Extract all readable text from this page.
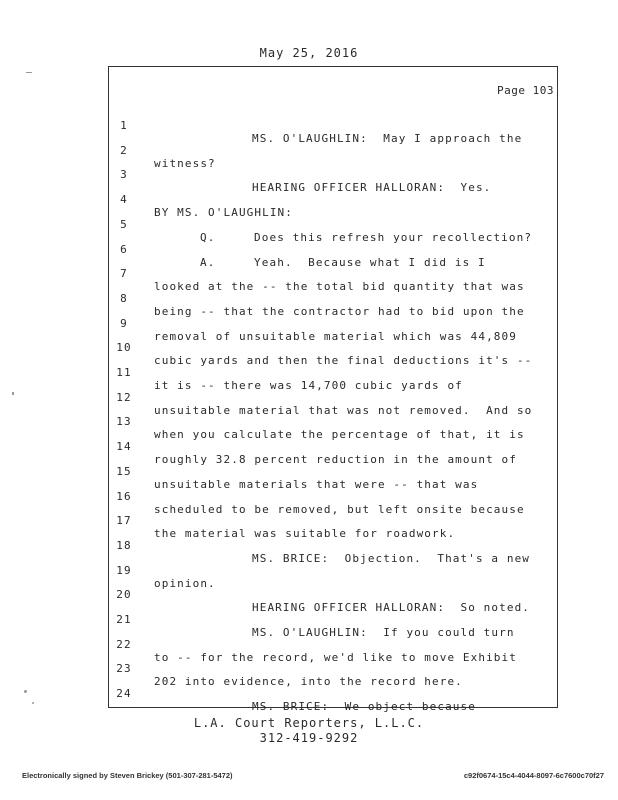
May 25, 2016
Page 103

1

MS. O'LAUGHLIN:  May I approach the

2

witness?

3

HEARING OFFICER HALLORAN:  Yes.

4

BY MS. O'LAUGHLIN:

5

Q.     Does this refresh your recollection?

6

A.     Yeah.  Because what I did is I

7

looked at the -- the total bid quantity that was

8

being -- that the contractor had to bid upon the

9

removal of unsuitable material which was 44,809

10

cubic yards and then the final deductions it's --

11

it is -- there was 14,700 cubic yards of

12

unsuitable material that was not removed.  And so

13

when you calculate the percentage of that, it is

14

roughly 32.8 percent reduction in the amount of

15

unsuitable materials that were -- that was

16

scheduled to be removed, but left onsite because

17

the material was suitable for roadwork.

18

MS. BRICE:  Objection.  That's a new

19

opinion.

20

HEARING OFFICER HALLORAN:  So noted.

21

MS. O'LAUGHLIN:  If you could turn

22

to -- for the record, we'd like to move Exhibit

23

202 into evidence, into the record here.

24

MS. BRICE:  We object because

L.A. Court Reporters, L.L.C.
312-419-9292
Electronically signed by Steven Brickey (501-307-281-5472)	c92f0674-15c4-4044-8097-6c7600c70f27
